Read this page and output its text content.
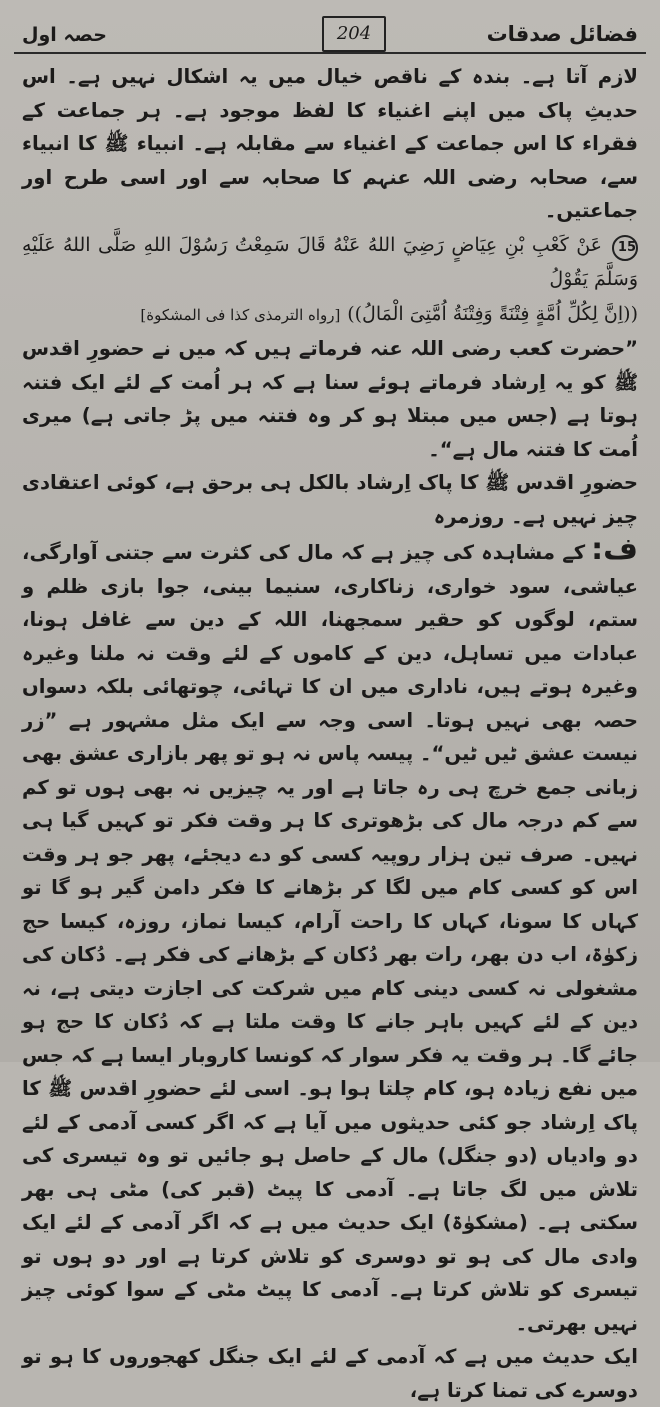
فضائل صدقات
204
حصہ اول

لازم آتا ہے۔ بندہ کے ناقص خیال میں یہ اشکال نہیں ہے۔ اس حدیثِ پاک میں اپنے اغنیاء کا لفظ موجود ہے۔ ہر جماعت کے فقراء کا اس جماعت کے اغنیاء سے مقابلہ ہے۔ انبیاء ﷺ کا انبیاء سے، صحابہ رضی اللہ عنہم کا صحابہ سے اور اسی طرح اور جماعتیں۔

15عَنْ كَعْبِ بْنِ عِيَاضٍ رَضِيَ اللهُ عَنْهُ قَالَ سَمِعْتُ رَسُوْلَ اللهِ صَلَّى اللهُ عَلَيْهِ وَسَلَّمَ يَقُوْلُ

((اِنَّ لِكُلِّ اُمَّةٍ فِتْنَةً وَفِتْنَةُ اُمَّتِىَ الْمَالُ)) [رواه الترمذى كذا فى المشكوة]

”حضرت کعب رضی اللہ عنہ فرماتے ہیں کہ میں نے حضورِ اقدس ﷺ کو یہ اِرشاد فرماتے ہوئے سنا ہے کہ ہر اُمت کے لئے ایک فتنہ ہوتا ہے (جس میں مبتلا ہو کر وہ فتنہ میں پڑ جاتی ہے) میری اُمت کا فتنہ مال ہے“۔

حضورِ اقدس ﷺ کا پاک اِرشاد بالکل ہی برحق ہے، کوئی اعتقادی چیز نہیں ہے۔ روزمرہ

ف:کے مشاہدہ کی چیز ہے کہ مال کی کثرت سے جتنی آوارگی، عیاشی، سود خواری، زناکاری، سنیما بینی، جوا بازی ظلم و ستم، لوگوں کو حقیر سمجھنا، اللہ کے دین سے غافل ہونا، عبادات میں تساہل، دین کے کاموں کے لئے وقت نہ ملنا وغیرہ وغیرہ ہوتے ہیں، ناداری میں ان کا تہائی، چوتھائی بلکہ دسواں حصہ بھی نہیں ہوتا۔ اسی وجہ سے ایک مثل مشہور ہے ”زر نیست عشق ٹیں ٹیں“۔ پیسہ پاس نہ ہو تو پھر بازاری عشق بھی زبانی جمع خرچ ہی رہ جاتا ہے اور یہ چیزیں نہ بھی ہوں تو کم سے کم درجہ مال کی بڑھوتری کا ہر وقت فکر تو کہیں گیا ہی نہیں۔ صرف تین ہزار روپیہ کسی کو دے دیجئے، پھر جو ہر وقت اس کو کسی کام میں لگا کر بڑھانے کا فکر دامن گیر ہو گا تو کہاں کا سونا، کہاں کا راحت آرام، کیسا نماز، روزہ، کیسا حج زکوٰۃ، اب دن بھر، رات بھر دُکان کے بڑھانے کی فکر ہے۔ دُکان کی مشغولی نہ کسی دینی کام میں شرکت کی اجازت دیتی ہے، نہ دین کے لئے کہیں باہر جانے کا وقت ملتا ہے کہ دُکان کا حج ہو جائے گا۔ ہر وقت یہ فکر سوار کہ کونسا کاروبار ایسا ہے کہ جس میں نفع زیادہ ہو، کام چلتا ہوا ہو۔ اسی لئے حضورِ اقدس ﷺ کا پاک اِرشاد جو کئی حدیثوں میں آیا ہے کہ اگر کسی آدمی کے لئے دو وادیاں (دو جنگل) مال کے حاصل ہو جائیں تو وہ تیسری کی تلاش میں لگ جاتا ہے۔ آدمی کا پیٹ (قبر کی) مٹی ہی بھر سکتی ہے۔ (مشکوٰۃ) ایک حدیث میں ہے کہ اگر آدمی کے لئے ایک وادی مال کی ہو تو دوسری کو تلاش کرتا ہے اور دو ہوں تو تیسری کو تلاش کرتا ہے۔ آدمی کا پیٹ مٹی کے سوا کوئی چیز نہیں بھرتی۔

ایک حدیث میں ہے کہ آدمی کے لئے ایک جنگل کھجوروں کا ہو تو دوسرے کی تمنا کرتا ہے،
